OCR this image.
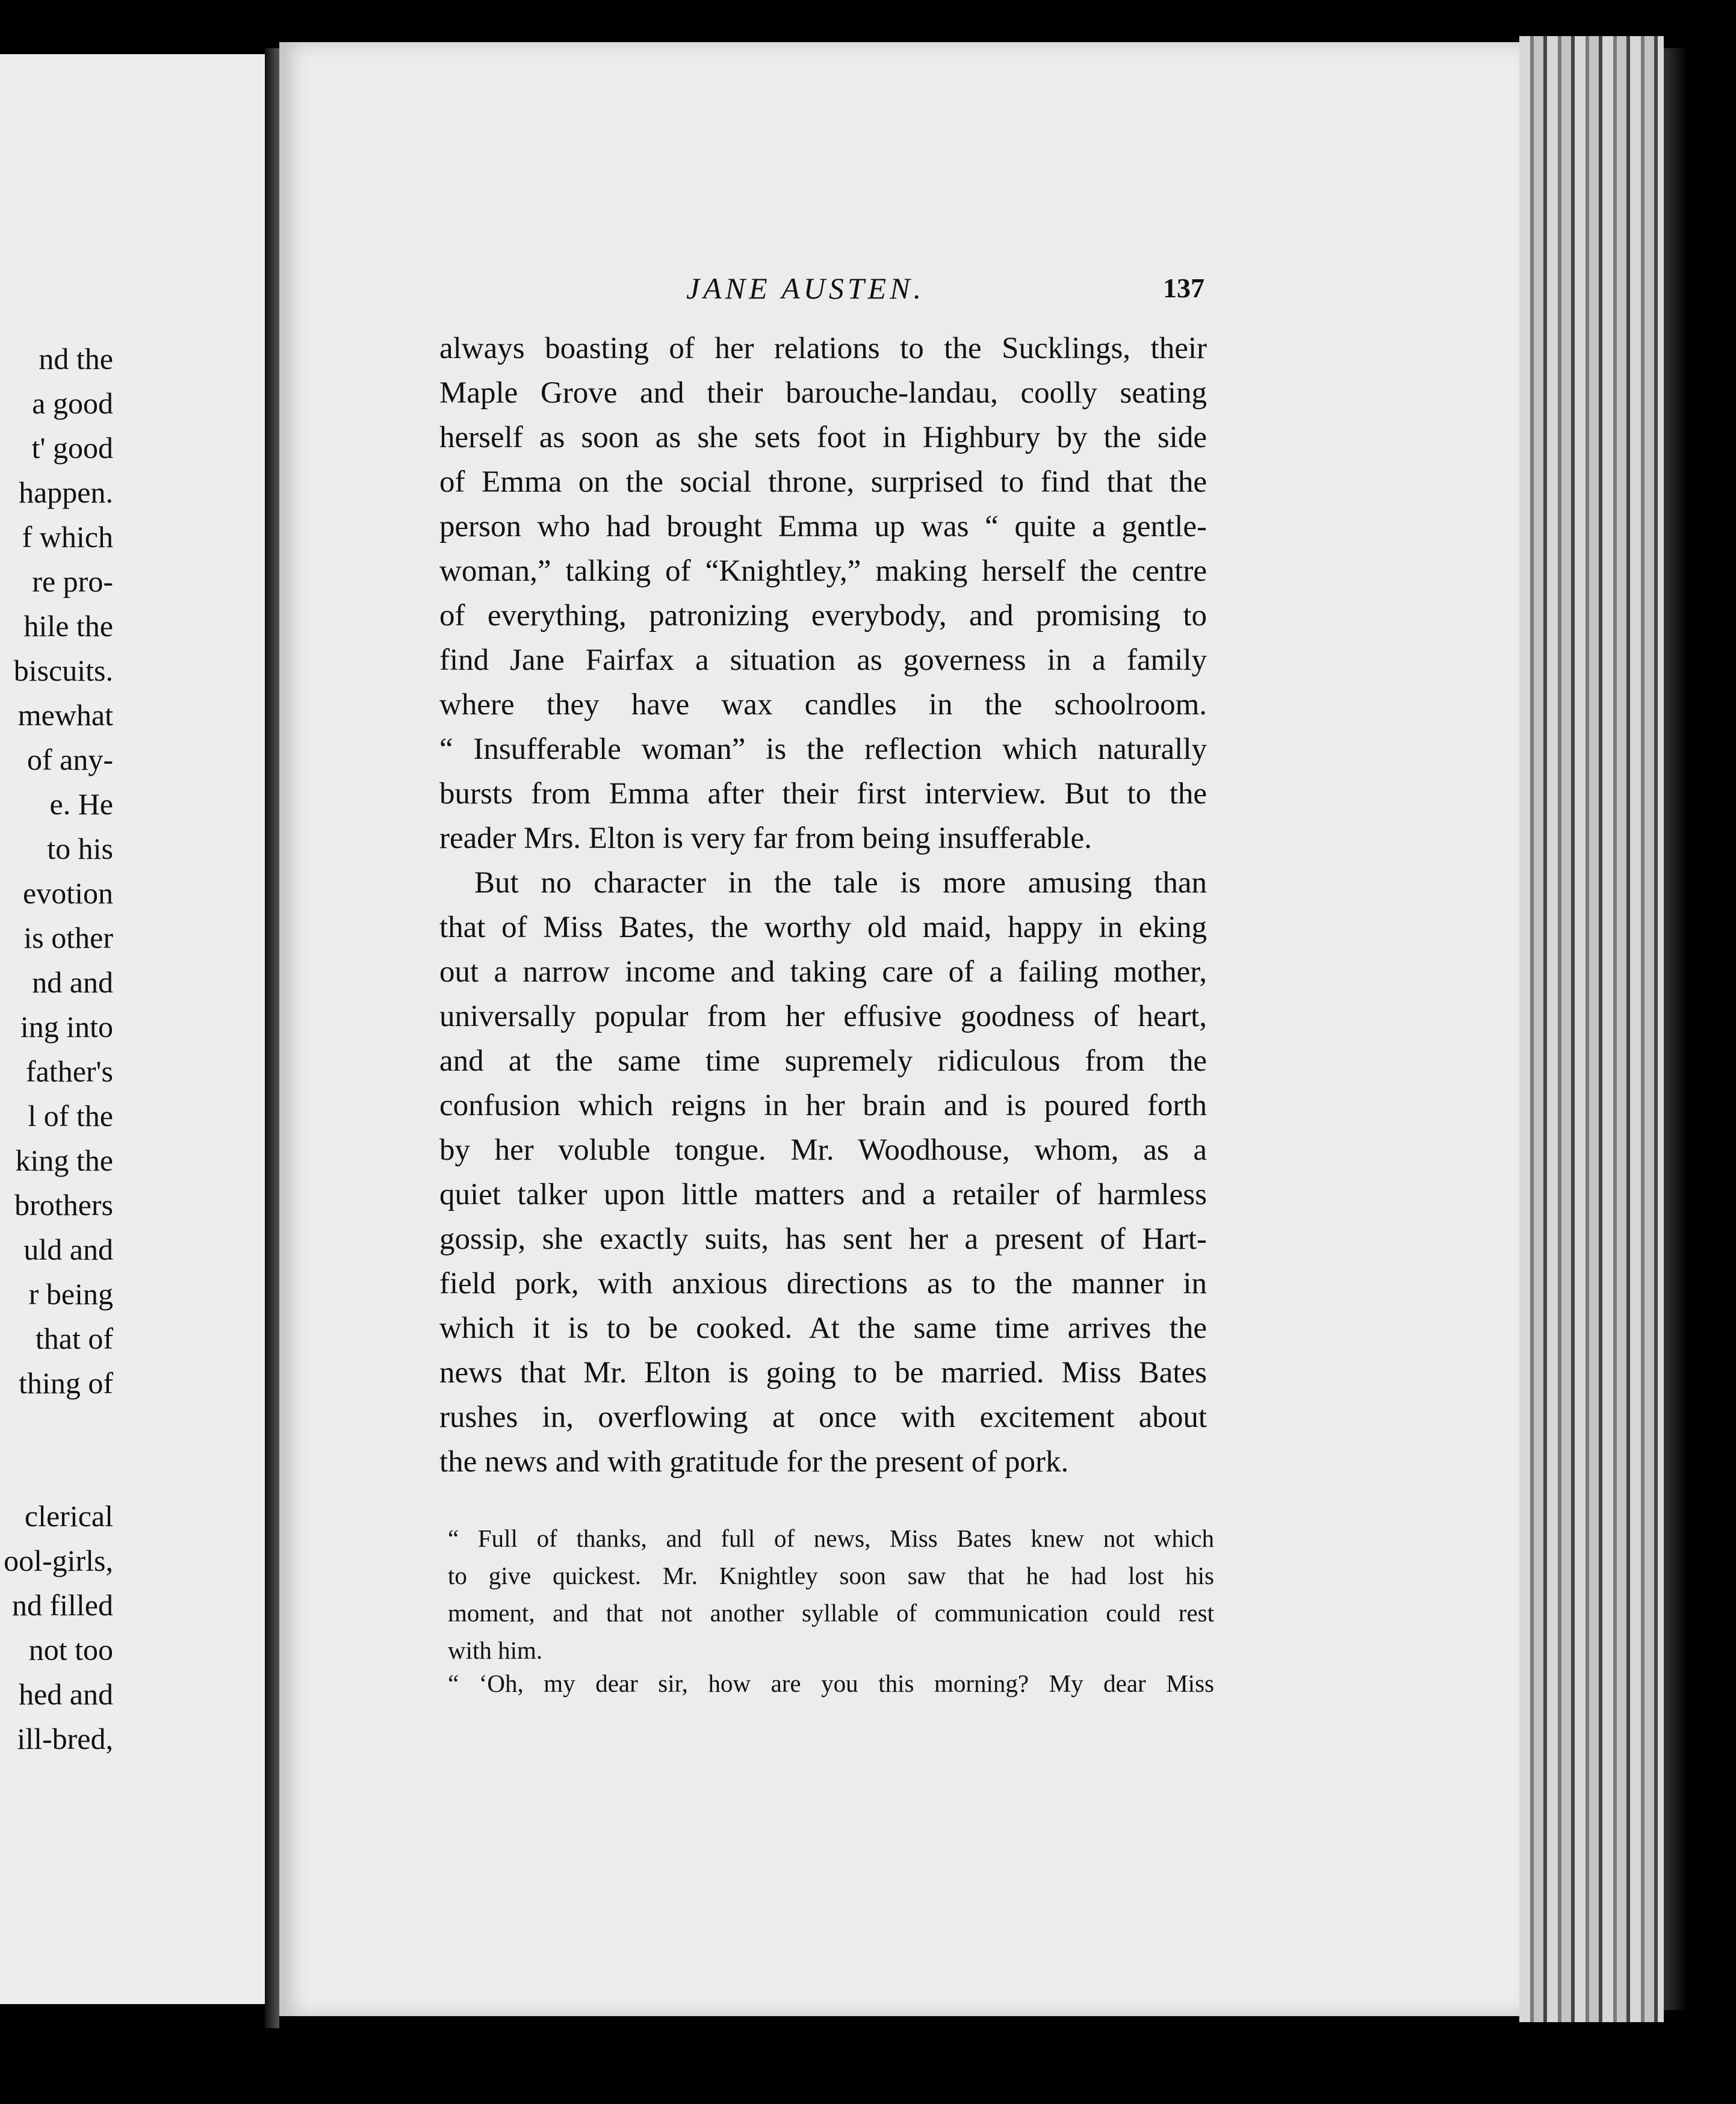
nd the
a good
t' good
happen.
f which
re pro-
hile the
biscuits.
mewhat
of any-
e. He
to his
evotion
is other
nd and
ing into
father's
l of the
king the
brothers
uld and
r being
that of
thing of
clerical
ool-girls,
nd filled
not too
hed and
ill-bred,
JANE AUSTEN.	137
always boasting of her relations to the Sucklings, their
Maple Grove and their barouche-landau, coolly seating
herself as soon as she sets foot in Highbury by the side
of Emma on the social throne, surprised to find that the
person who had brought Emma up was “ quite a gentle-
woman,” talking of “Knightley,” making herself the centre
of everything, patronizing everybody, and promising to
find Jane Fairfax a situation as governess in a family
where they have wax candles in the schoolroom.
“ Insufferable woman” is the reflection which naturally
bursts from Emma after their first interview. But to the
reader Mrs. Elton is very far from being insufferable.
But no character in the tale is more amusing than
that of Miss Bates, the worthy old maid, happy in eking
out a narrow income and taking care of a failing mother,
universally popular from her effusive goodness of heart,
and at the same time supremely ridiculous from the
confusion which reigns in her brain and is poured forth
by her voluble tongue. Mr. Woodhouse, whom, as a
quiet talker upon little matters and a retailer of harmless
gossip, she exactly suits, has sent her a present of Hart-
field pork, with anxious directions as to the manner in
which it is to be cooked. At the same time arrives the
news that Mr. Elton is going to be married. Miss Bates
rushes in, overflowing at once with excitement about
the news and with gratitude for the present of pork.
“ Full of thanks, and full of news, Miss Bates knew not which
to give quickest. Mr. Knightley soon saw that he had lost his
moment, and that not another syllable of communication could rest
with him.
“ ‘Oh, my dear sir, how are you this morning? My dear Miss
